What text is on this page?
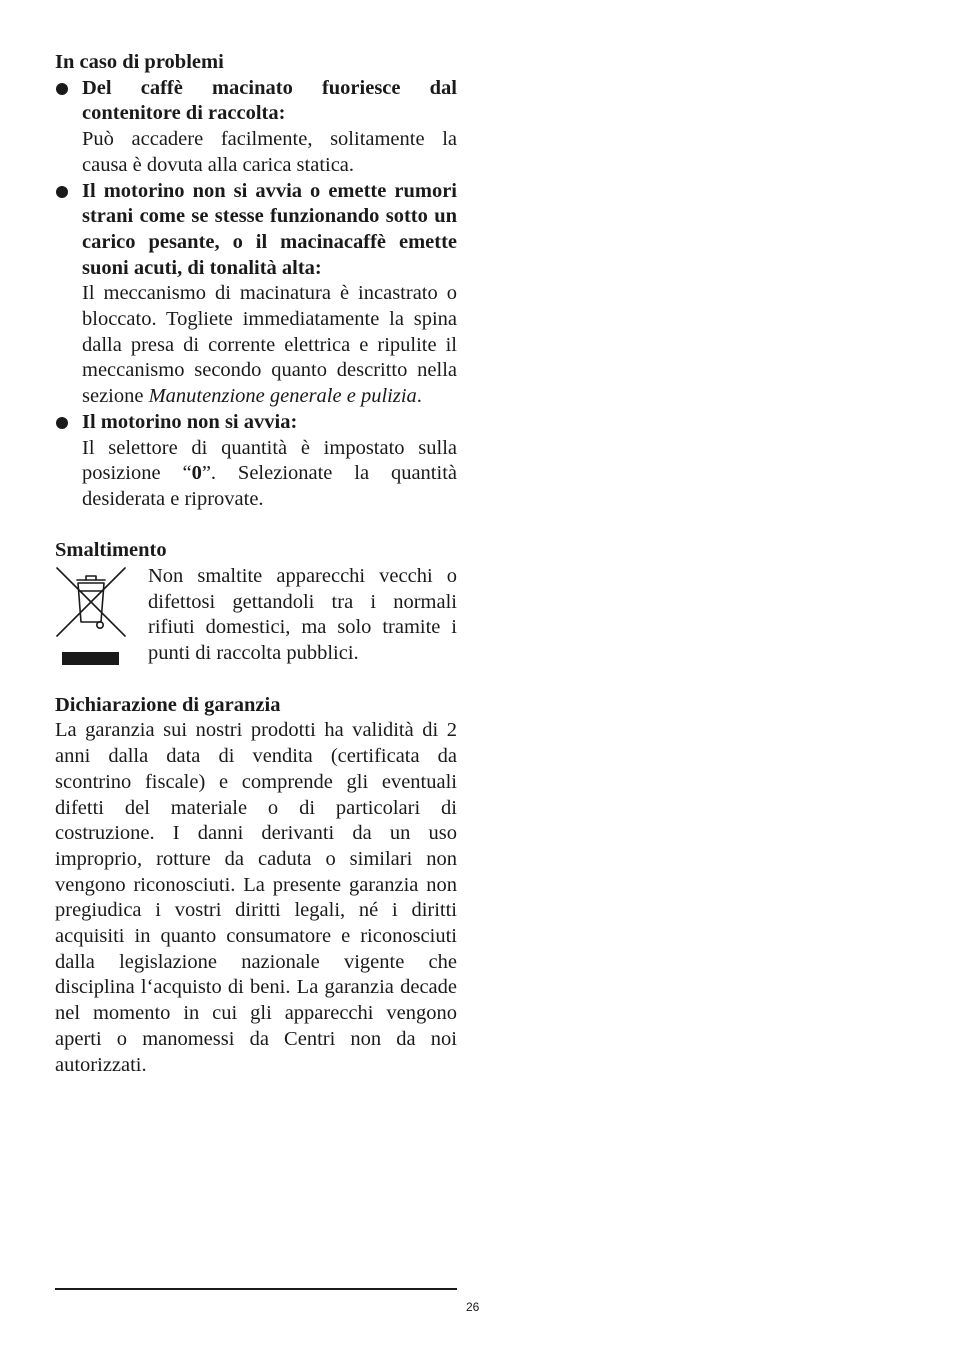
In caso di problemi

Del caffè macinato fuoriesce dal contenitore di raccolta:
Può accadere facilmente, solitamente la causa è dovuta alla carica statica.
Il motorino non si avvia o emette rumori strani come se stesse funzionando sotto un carico pesante, o il macinacaffè emette suoni acuti, di tonalità alta:
Il meccanismo di macinatura è incastrato o bloccato. Togliete immediatamente la spina dalla presa di corrente elettrica e ripulite il meccanismo secondo quanto descritto nella sezione Manutenzione generale e pulizia.
Il motorino non si avvia:
Il selettore di quantità è impostato sulla posizione “0”. Selezionate la quantità desiderata e riprovate.

Smaltimento

Non smaltite apparecchi vecchi o difettosi gettandoli tra i normali rifiuti domestici, ma solo tramite i punti di raccolta pubblici.

Dichiarazione di garanzia

La garanzia sui nostri prodotti ha validità di 2 anni dalla data di vendita (certificata da scontrino fiscale) e comprende gli eventuali difetti del materiale o di particolari di costruzione. I danni derivanti da un uso improprio, rotture da caduta o similari non vengono riconosciuti. La presente garanzia non pregiudica i vostri diritti legali, né i diritti acquisiti in quanto consumatore e riconosciuti dalla legislazione nazionale vigente che disciplina l‘acquisto di beni. La garanzia decade nel momento in cui gli apparecchi vengono aperti o manomessi da Centri non da noi autorizzati.
26
